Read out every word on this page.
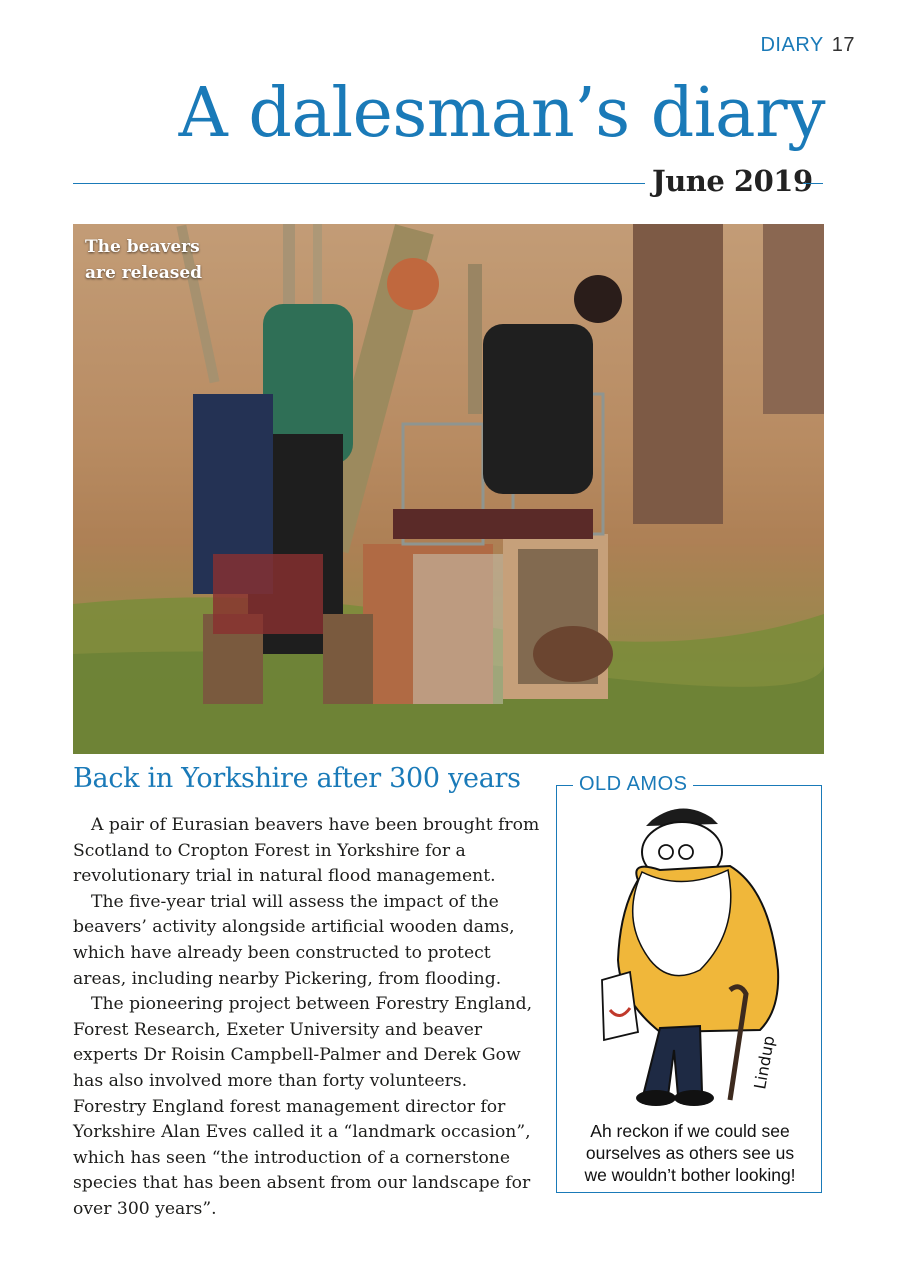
DIARY 17
A dalesman’s diary
June 2019
The beavers
are released
Back in Yorkshire after 300 years

A pair of Eurasian beavers have been brought from Scotland to Cropton Forest in Yorkshire for a revolutionary trial in natural flood management.

The five-year trial will assess the impact of the beavers’ activity alongside artificial wooden dams, which have already been constructed to protect areas, including nearby Pickering, from flooding.

The pioneering project between Forestry England, Forest Research, Exeter University and beaver experts Dr Roisin Campbell-Palmer and Derek Gow has also involved more than forty volunteers. Forestry England forest management director for Yorkshire Alan Eves called it a “landmark occasion”, which has seen “the introduction of a cornerstone species that has been absent from our landscape for over 300 years”.

OLD AMOS
Lindup
Ah reckon if we could see
ourselves as others see us
we wouldn’t bother looking!
